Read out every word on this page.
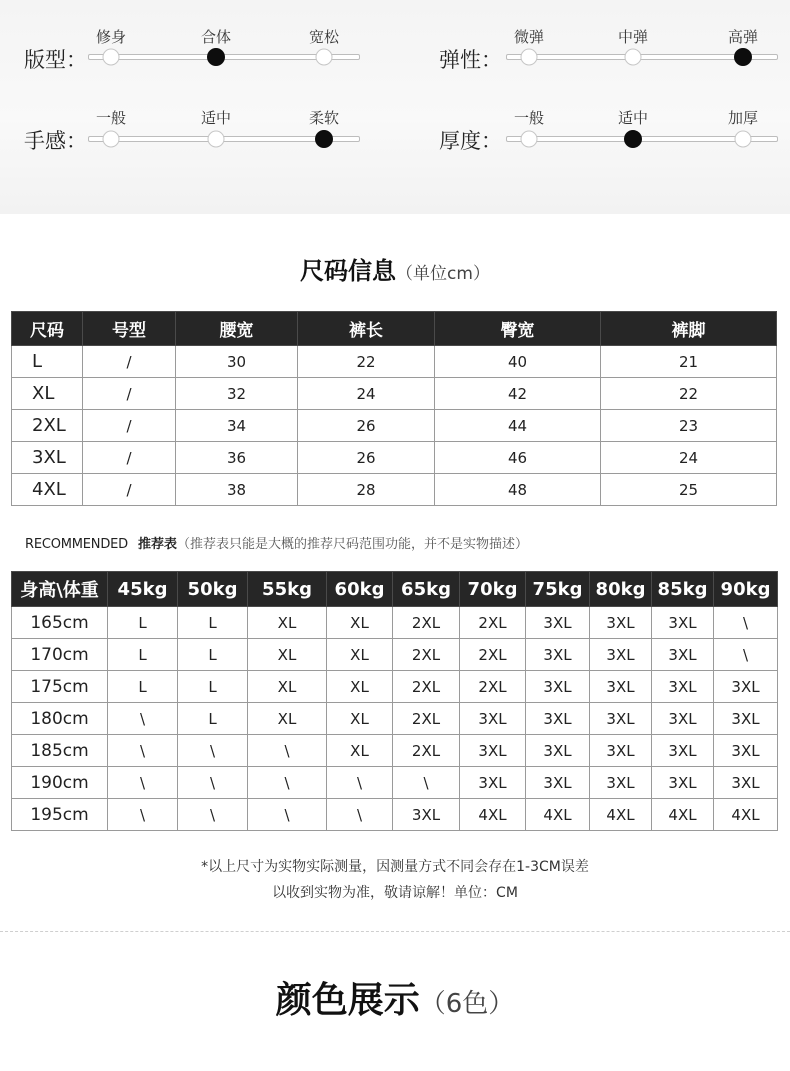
版型：
修身	合体	宽松
弹性：
微弹	中弹	高弹
手感：
一般	适中	柔软
厚度：
一般	适中	加厚
尺码信息（单位cm）
尺码	号型	腰宽	裤长	臀宽	裤脚
L	/	30	22	40	21
XL	/	32	24	42	22
2XL	/	34	26	44	23
3XL	/	36	26	46	24
4XL	/	38	28	48	25
RECOMMENDED 推荐表（推荐表只能是大概的推荐尺码范围功能，并不是实物描述）
身高\体重	45kg	50kg	55kg	60kg	65kg	70kg	75kg	80kg	85kg	90kg
165cm	L	L	XL	XL	2XL	2XL	3XL	3XL	3XL	\
170cm	L	L	XL	XL	2XL	2XL	3XL	3XL	3XL	\
175cm	L	L	XL	XL	2XL	2XL	3XL	3XL	3XL	3XL
180cm	\	L	XL	XL	2XL	3XL	3XL	3XL	3XL	3XL
185cm	\	\	\	XL	2XL	3XL	3XL	3XL	3XL	3XL
190cm	\	\	\	\	\	3XL	3XL	3XL	3XL	3XL
195cm	\	\	\	\	3XL	4XL	4XL	4XL	4XL	4XL
*以上尺寸为实物实际测量，因测量方式不同会存在1-3CM误差
以收到实物为准，敬请谅解！单位：CM
颜色展示（6色）
